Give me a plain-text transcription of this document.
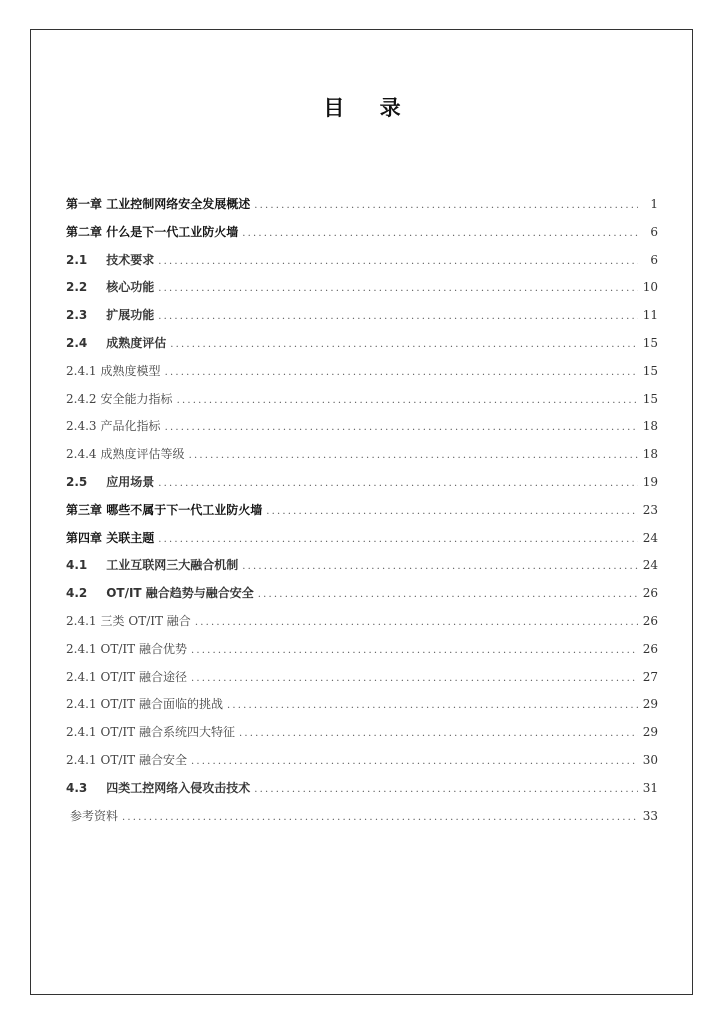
目 录
第一章 工业控制网络安全发展概述 .....	1
第二章 什么是下一代工业防火墙 .....	6
2.1 技术要求 .....	6
2.2 核心功能 .....	10
2.3 扩展功能 .....	11
2.4 成熟度评估 .....	15
2.4.1 成熟度模型 .....	15
2.4.2 安全能力指标 .....	15
2.4.3 产品化指标 .....	18
2.4.4 成熟度评估等级 .....	18
2.5 应用场景 .....	19
第三章 哪些不属于下一代工业防火墙 .....	23
第四章 关联主题 .....	24
4.1 工业互联网三大融合机制 .....	24
4.2 OT/IT 融合趋势与融合安全 .....	26
2.4.1 三类 OT/IT 融合 .....	26
2.4.1 OT/IT 融合优势 .....	26
2.4.1 OT/IT 融合途径 .....	27
2.4.1 OT/IT 融合面临的挑战 .....	29
2.4.1 OT/IT 融合系统四大特征 .....	29
2.4.1 OT/IT 融合安全 .....	30
4.3 四类工控网络入侵攻击技术 .....	31
参考资料 .....	33
